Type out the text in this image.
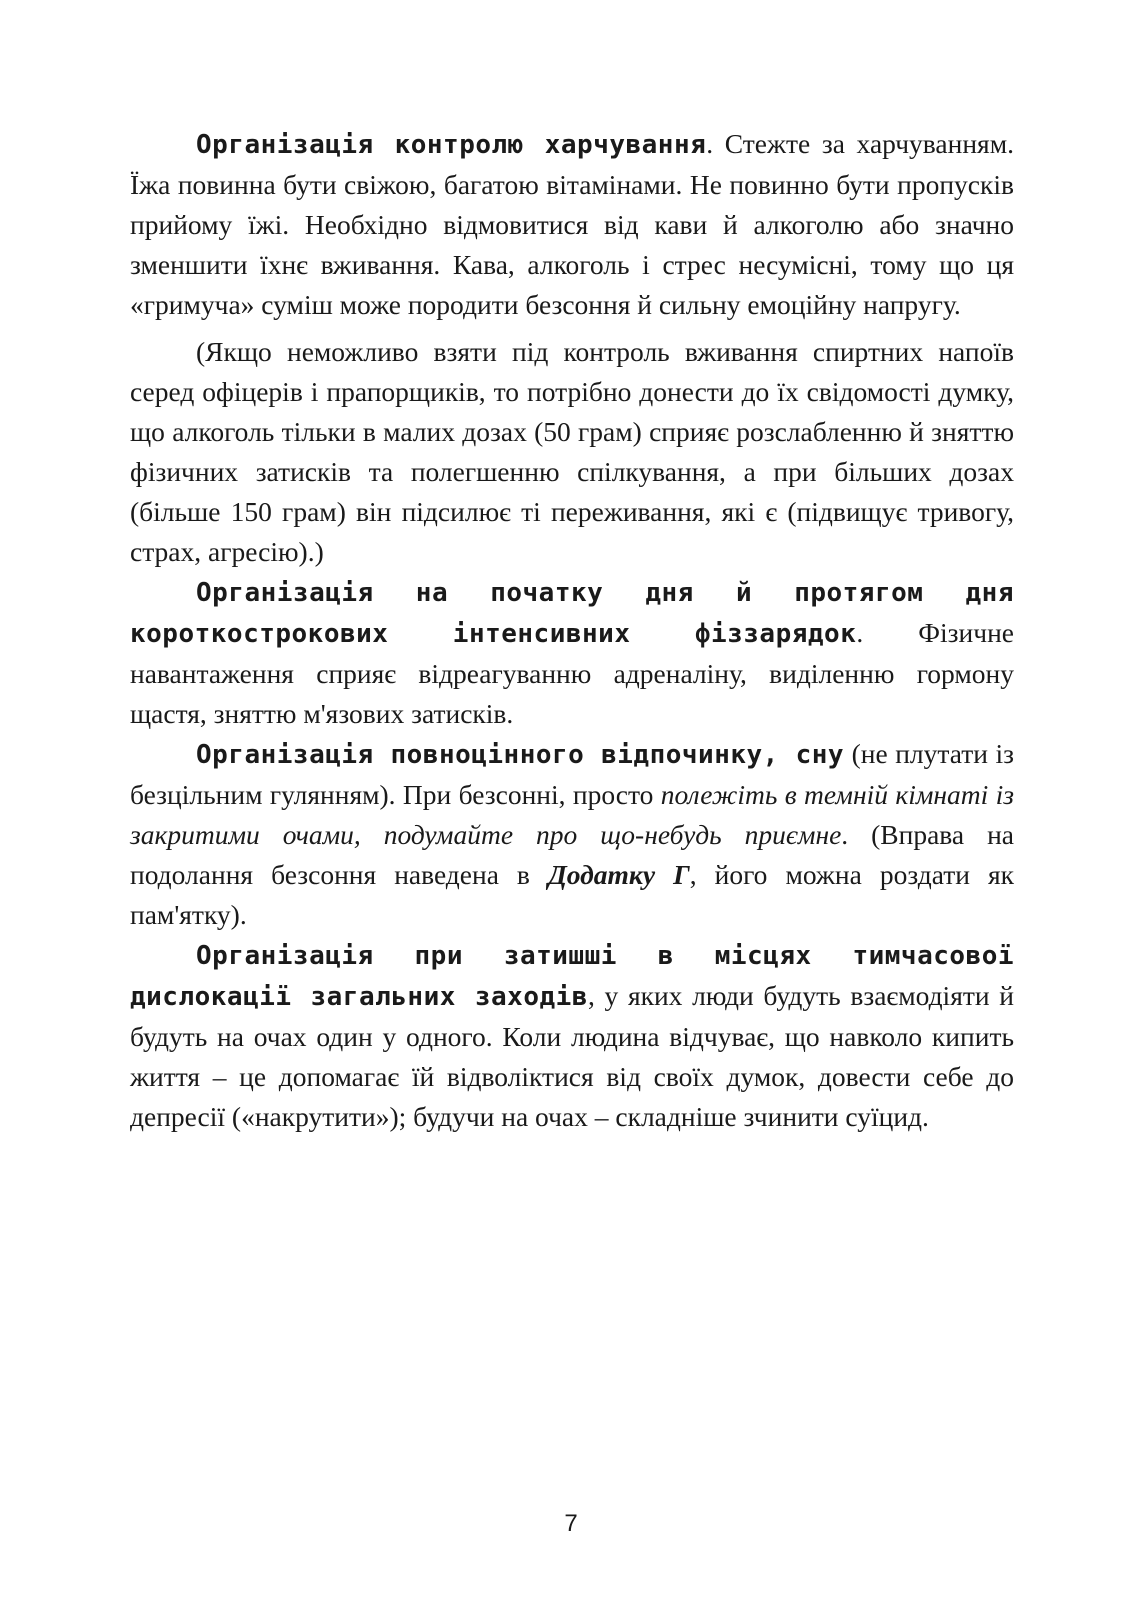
Організація контролю харчування. Стежте за харчуванням. Їжа повинна бути свіжою, багатою вітамінами. Не повинно бути пропусків прийому їжі. Необхідно відмовитися від кави й алкоголю або значно зменшити їхнє вживання. Кава, алкоголь і стрес несумісні, тому що ця «гримуча» суміш може породити безсоння й сильну емоційну напругу.

(Якщо неможливо взяти під контроль вживання спиртних напоїв серед офіцерів і прапорщиків, то потрібно донести до їх свідомості думку, що алкоголь тільки в малих дозах (50 грам) сприяє розслабленню й зняттю фізичних затисків та полегшенню спілкування, а при більших дозах (більше 150 грам) він підсилює ті переживання, які є (підвищує тривогу, страх, агресію).)

Організація на початку дня й протягом дня короткострокових інтенсивних фіззарядок. Фізичне навантаження сприяє відреагуванню адреналіну, виділенню гормону щастя, зняттю м'язових затисків.

Організація повноцінного відпочинку, сну (не плутати із безцільним гулянням). При безсонні, просто полежіть в темній кімнаті із закритими очами, подумайте про що-небудь приємне. (Вправа на подолання безсоння наведена в Додатку Г, його можна роздати як пам'ятку).

Організація при затишші в місцях тимчасової дислокації загальних заходів, у яких люди будуть взаємодіяти й будуть на очах один у одного. Коли людина відчуває, що навколо кипить життя – це допомагає їй відволіктися від своїх думок, довести себе до депресії («накрутити»); будучи на очах – складніше зчинити суїцид.

7
